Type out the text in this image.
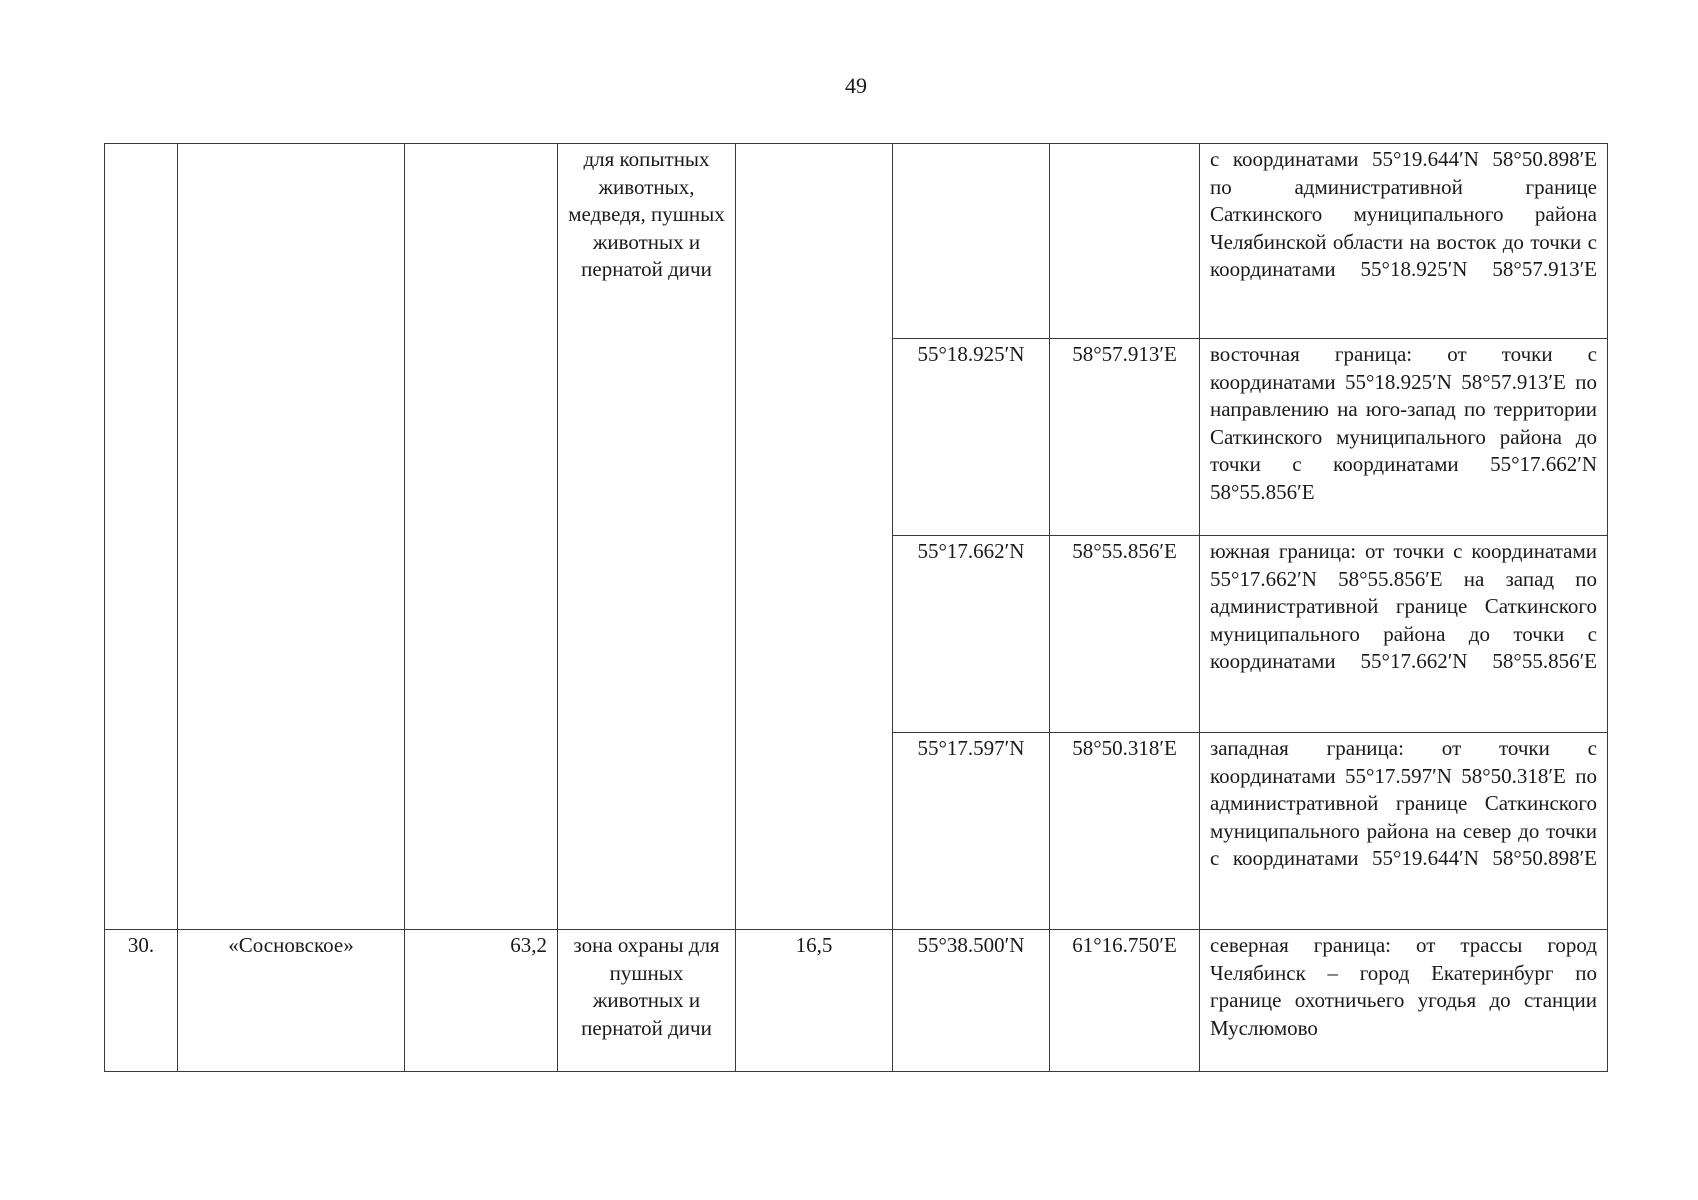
49
			для копытных животных, медведя, пушных животных и пернатой дичи				с координатами 55°19.644′N 58°50.898′E по административной границе Саткинского муниципального района Челябинской области на восток до точки с координатами 55°18.925′N 58°57.913′E
					55°18.925′N	58°57.913′E	восточная граница: от точки с координатами 55°18.925′N 58°57.913′E по направлению на юго-запад по территории Саткинского муниципального района до точки с координатами 55°17.662′N 58°55.856′E
					55°17.662′N	58°55.856′E	южная граница: от точки с координатами 55°17.662′N 58°55.856′E на запад по административной границе Саткинского муниципального района до точки с координатами 55°17.662′N 58°55.856′E
					55°17.597′N	58°50.318′E	западная граница: от точки с координатами 55°17.597′N 58°50.318′E по административной границе Саткинского муниципального района на север до точки с координатами 55°19.644′N 58°50.898′E
30.	«Сосновское»	63,2	зона охраны для пушных животных и пернатой дичи	16,5	55°38.500′N	61°16.750′E	северная граница: от трассы город Челябинск – город Екатеринбург по границе охотничьего угодья до станции Муслюмово
